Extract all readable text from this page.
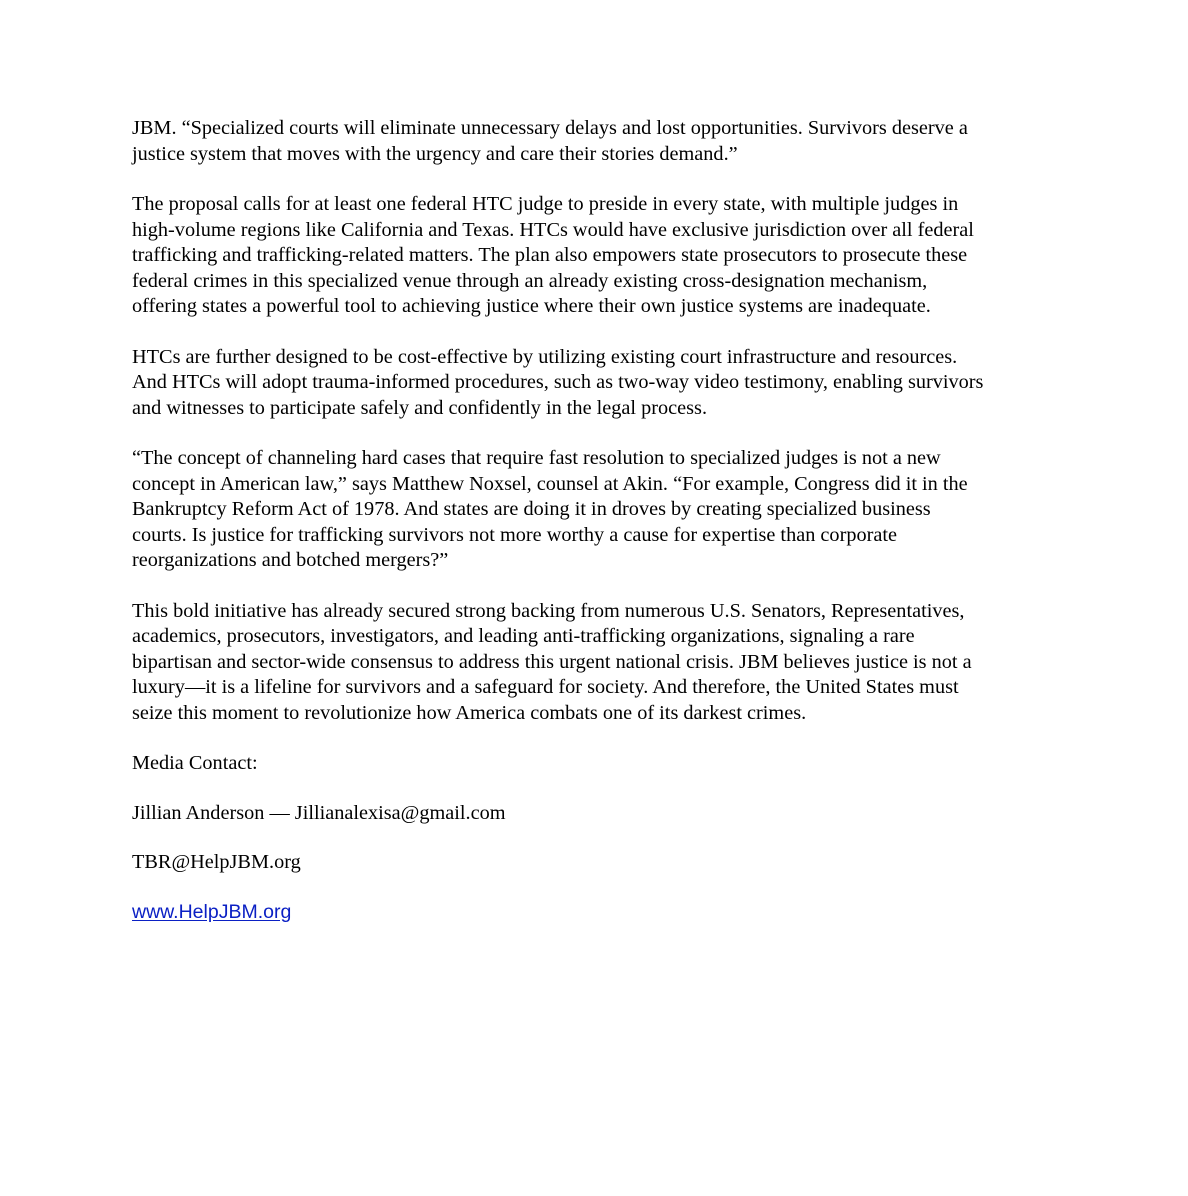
JBM. “Specialized courts will eliminate unnecessary delays and lost opportunities. Survivors deserve a
justice system that moves with the urgency and care their stories demand.”

The proposal calls for at least one federal HTC judge to preside in every state, with multiple judges in
high-volume regions like California and Texas. HTCs would have exclusive jurisdiction over all federal
trafficking and trafficking-related matters. The plan also empowers state prosecutors to prosecute these
federal crimes in this specialized venue through an already existing cross-designation mechanism,
offering states a powerful tool to achieving justice where their own justice systems are inadequate.

HTCs are further designed to be cost-effective by utilizing existing court infrastructure and resources.
And HTCs will adopt trauma-informed procedures, such as two-way video testimony, enabling survivors
and witnesses to participate safely and confidently in the legal process.

“The concept of channeling hard cases that require fast resolution to specialized judges is not a new
concept in American law,” says Matthew Noxsel, counsel at Akin. “For example, Congress did it in the
Bankruptcy Reform Act of 1978. And states are doing it in droves by creating specialized business
courts. Is justice for trafficking survivors not more worthy a cause for expertise than corporate
reorganizations and botched mergers?”

This bold initiative has already secured strong backing from numerous U.S. Senators, Representatives,
academics, prosecutors, investigators, and leading anti-trafficking organizations, signaling a rare
bipartisan and sector-wide consensus to address this urgent national crisis. JBM believes justice is not a
luxury—it is a lifeline for survivors and a safeguard for society. And therefore, the United States must
seize this moment to revolutionize how America combats one of its darkest crimes.

Media Contact:

Jillian Anderson — Jillianalexisa@gmail.com

TBR@HelpJBM.org

www.HelpJBM.org
